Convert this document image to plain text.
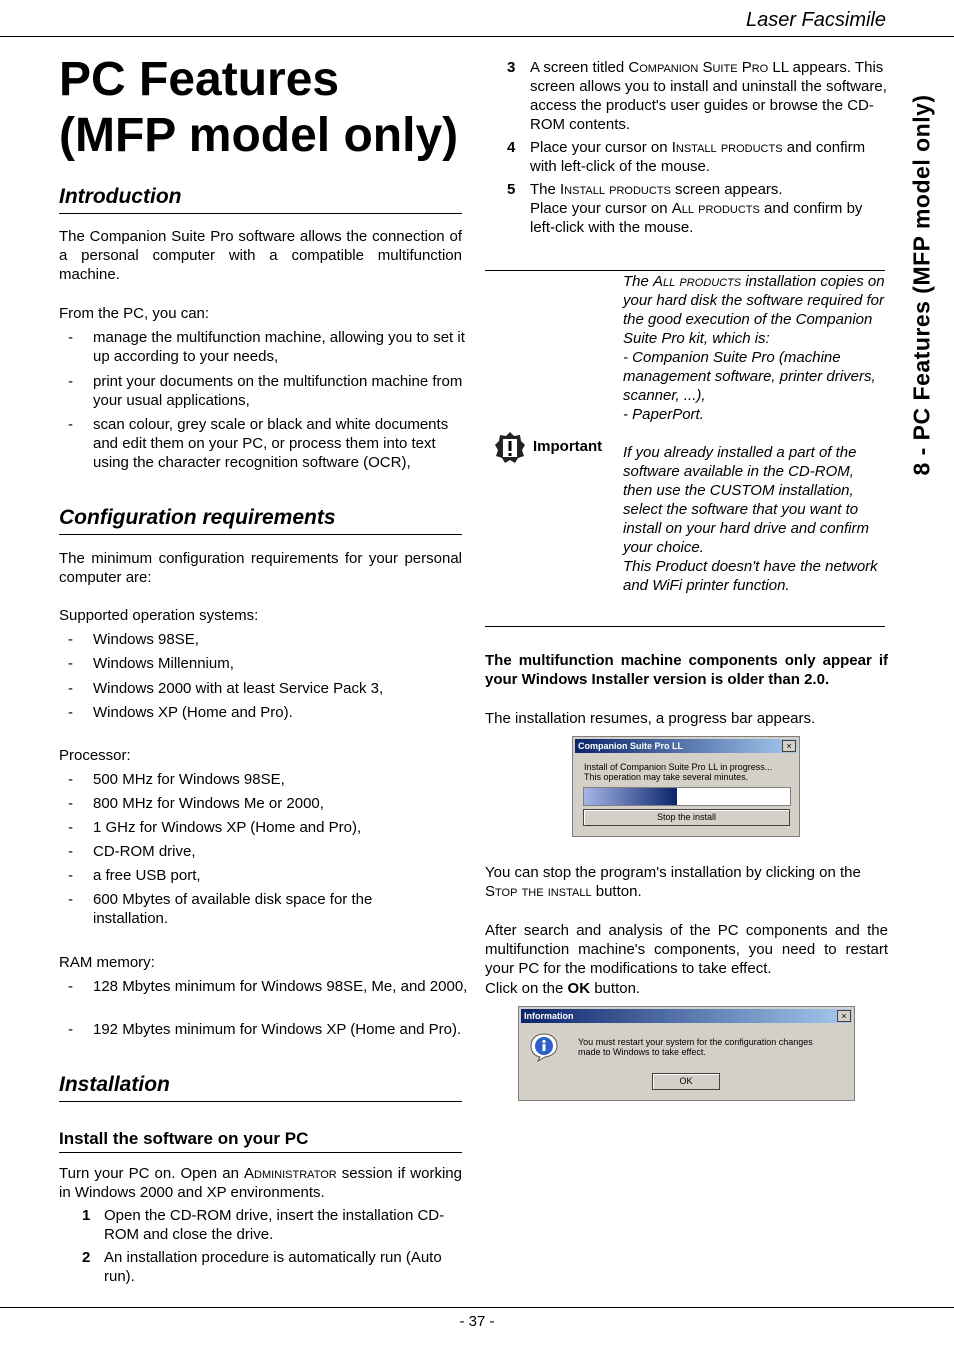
Laser Facsimile
8 - PC Features (MFP model only)
- 37 -
PC Features
(MFP model only)
Introduction
The Companion Suite Pro software allows the connection of a personal computer with a compatible multifunction machine.
From the PC, you can:
- manage the multifunction machine, allowing you to set it up according to your needs,
- print your documents on the multifunction machine from your usual applications,
- scan colour, grey scale or black and white documents and edit them on your PC, or process them into text using the character recognition software (OCR),
Configuration requirements
The minimum configuration requirements for your personal computer are:
Supported operation systems:
- Windows 98SE,
- Windows Millennium,
- Windows 2000 with at least Service Pack 3,
- Windows XP (Home and Pro).
Processor:
- 500 MHz for Windows 98SE,
- 800 MHz for Windows Me or 2000,
- 1 GHz for Windows XP (Home and Pro),
- CD-ROM drive,
- a free USB port,
- 600 Mbytes of available disk space for the installation.
RAM memory:
- 128 Mbytes minimum for Windows 98SE, Me, and 2000,
- 192 Mbytes minimum for Windows XP (Home and Pro).
Installation
Install the software on your PC
Turn your PC on. Open an Administrator session if working in Windows 2000 and XP environments.
1 Open the CD-ROM drive, insert the installation CD-ROM and close the drive.
2 An installation procedure is automatically run (Auto run).
3 A screen titled Companion Suite Pro LL appears. This screen allows you to install and uninstall the software, access the product's user guides or browse the CD-ROM contents.
4 Place your cursor on Install products and confirm with left-click of the mouse.
5 The Install products screen appears.
Place your cursor on All products and confirm by left-click with the mouse.
Important
The All products installation copies on your hard disk the software required for the good execution of the Companion Suite Pro kit, which is:
- Companion Suite Pro (machine management software, printer drivers, scanner, ...),
- PaperPort.
If you already installed a part of the software available in the CD-ROM, then use the CUSTOM installation, select the software that you want to install on your hard drive and confirm your choice.
This Product doesn't have the network and WiFi printer function.
The multifunction machine components only appear if your Windows Installer version is older than 2.0.
The installation resumes, a progress bar appears.
Companion Suite Pro LL	×
Install of Companion Suite Pro LL in progress...
This operation may take several minutes.
Stop the install
You can stop the program's installation by clicking on the Stop the install button.
After search and analysis of the PC components and the multifunction machine's components, you need to restart your PC for the modifications to take effect.
Click on the OK button.
Information	×
You must restart your system for the configuration changes
made to Windows to take effect.
OK
